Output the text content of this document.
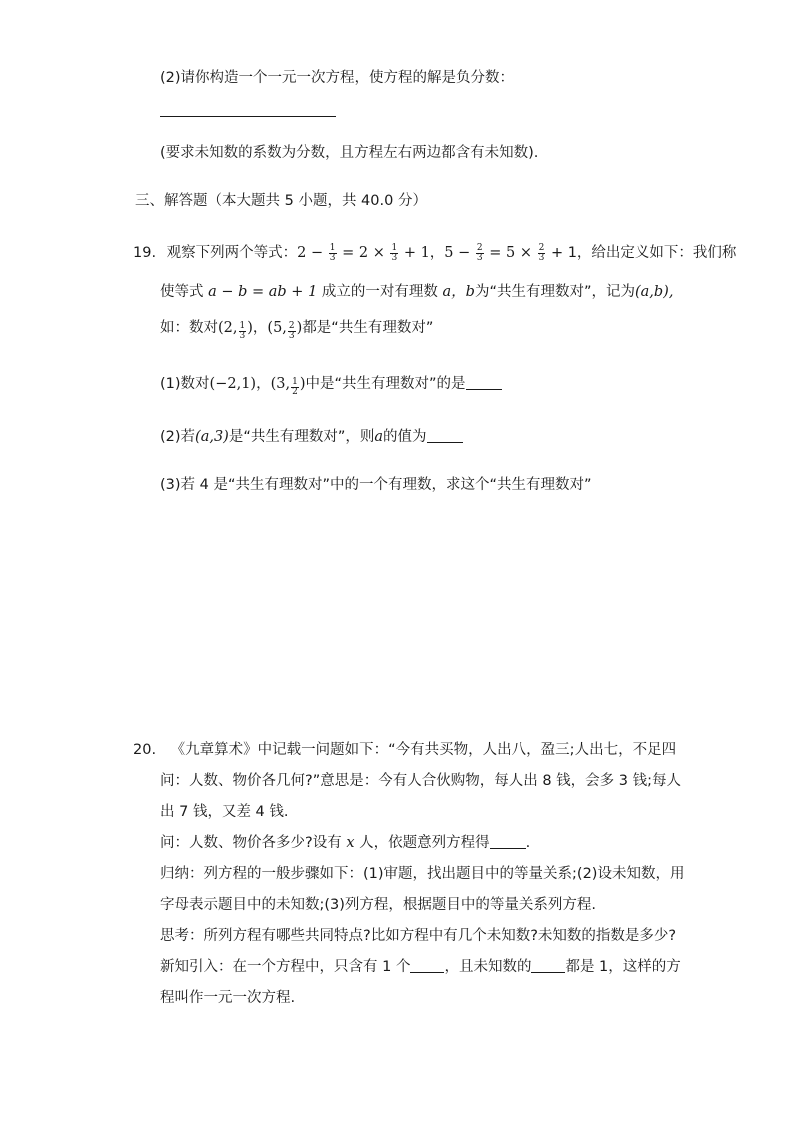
(2)请你构造一个一元一次方程，使方程的解是负分数：
(要求未知数的系数为分数，且方程左右两边都含有未知数).
三、解答题（本大题共 5 小题，共 40.0 分）
19. 观察下列两个等式：$2 - \frac{1}{3} = 2 \times \frac{1}{3} + 1$，$5 - \frac{2}{3} = 5 \times \frac{2}{3} + 1$，给出定义如下：我们称
使等式 a − b = ab + 1 成立的一对有理数 a，b为“共生有理数对”，记为(a,b),
如：数对(2, $\frac{1}{3}$ )，(5, $\frac{2}{3}$ )都是“共生有理数对”
(1)数对(−2,1)，(3, $\frac{1}{2}$ )中是“共生有理数对”的是
(2)若(a,3)是“共生有理数对”，则a的值为
(3)若 4 是“共生有理数对”中的一个有理数，求这个“共生有理数对”
20. 《九章算术》中记载一问题如下：“今有共买物，人出八，盈三;人出七，不足四
问：人数、物价各几何?”意思是：今有人合伙购物，每人出 8 钱，会多 3 钱;每人
出 7 钱，又差 4 钱.
问：人数、物价各多少?设有 x 人，依题意列方程得 .
归纳：列方程的一般步骤如下：(1)审题，找出题目中的等量关系;(2)设未知数，用
字母表示题目中的未知数;(3)列方程，根据题目中的等量关系列方程.
思考：所列方程有哪些共同特点?比如方程中有几个未知数?未知数的指数是多少?
新知引入：在一个方程中，只含有 1 个 ，且未知数的 都是 1，这样的方
程叫作一元一次方程.
